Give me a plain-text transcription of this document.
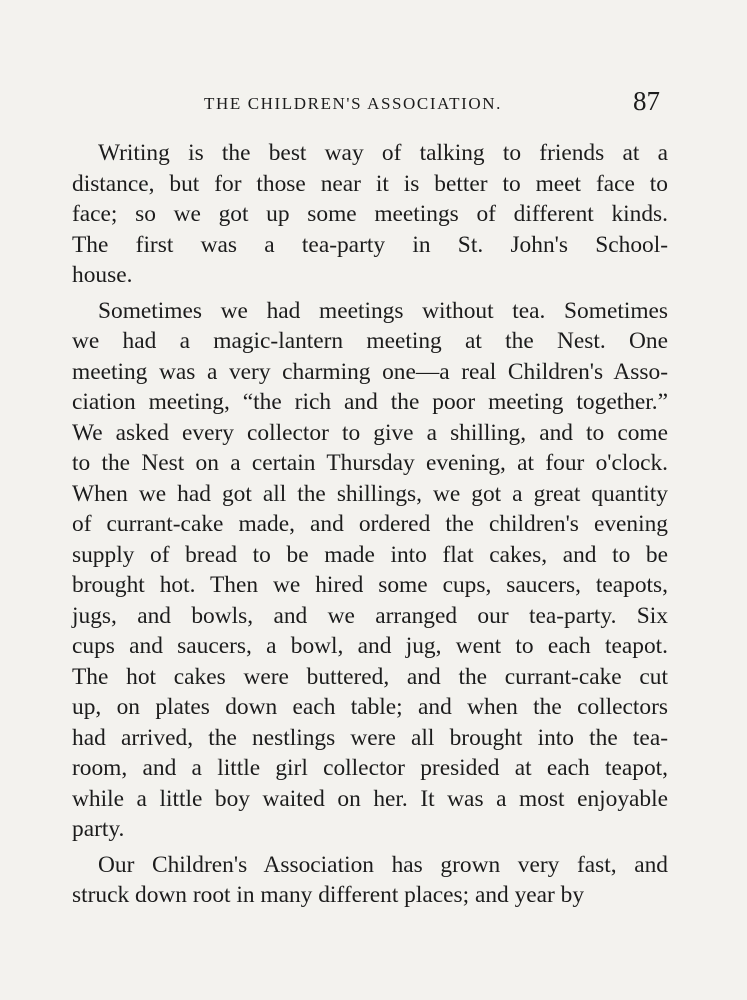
THE CHILDREN'S ASSOCIATION.	87
Writing is the best way of talking to friends at a
distance, but for those near it is better to meet face to
face; so we got up some meetings of different kinds.
The first was a tea-party in St. John's School-
house.
Sometimes we had meetings without tea. Sometimes
we had a magic-lantern meeting at the Nest. One
meeting was a very charming one—a real Children's Asso-
ciation meeting, “the rich and the poor meeting together.”
We asked every collector to give a shilling, and to come
to the Nest on a certain Thursday evening, at four o'clock.
When we had got all the shillings, we got a great quantity
of currant-cake made, and ordered the children's evening
supply of bread to be made into flat cakes, and to be
brought hot. Then we hired some cups, saucers, teapots,
jugs, and bowls, and we arranged our tea-party. Six
cups and saucers, a bowl, and jug, went to each teapot.
The hot cakes were buttered, and the currant-cake cut
up, on plates down each table; and when the collectors
had arrived, the nestlings were all brought into the tea-
room, and a little girl collector presided at each teapot,
while a little boy waited on her. It was a most enjoyable
party.
Our Children's Association has grown very fast, and
struck down root in many different places; and year by
